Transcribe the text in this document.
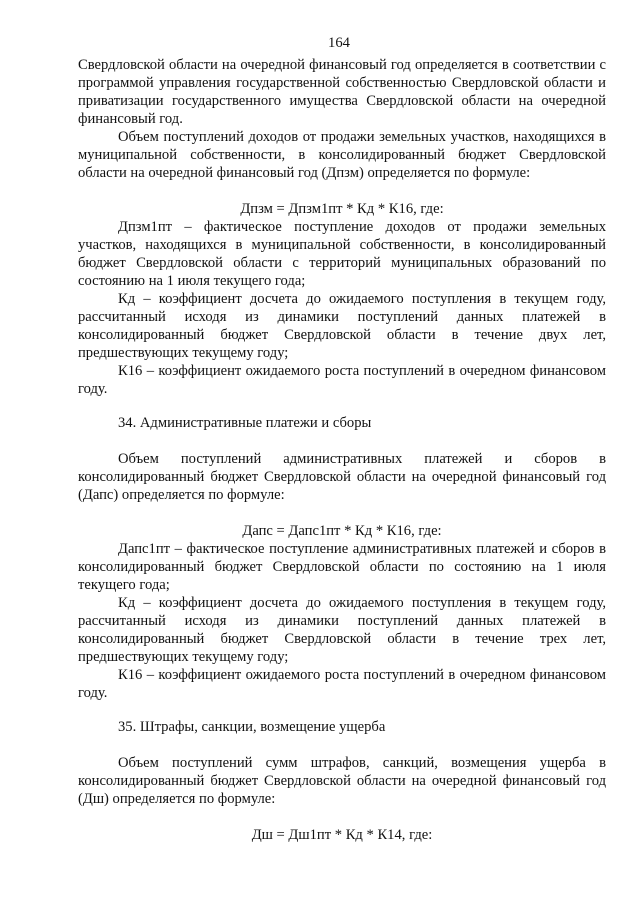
164

Свердловской области на очередной финансовый год определяется в соответствии с программой управления государственной собственностью Свердловской области и приватизации государственного имущества Свердловской области на очередной финансовый год.

Объем поступлений доходов от продажи земельных участков, находящихся в муниципальной собственности, в консолидированный бюджет Свердловской области на очередной финансовый год (Дпзм) определяется по формуле:

Дпзм = Дпзм1пт * Кд * К16, где:

Дпзм1пт – фактическое поступление доходов от продажи земельных участков, находящихся в муниципальной собственности, в консолидированный бюджет Свердловской области с территорий муниципальных образований по состоянию на 1 июля текущего года;

Кд – коэффициент досчета до ожидаемого поступления в текущем году, рассчитанный исходя из динамики поступлений данных платежей в консолидированный бюджет Свердловской области в течение двух лет, предшествующих текущему году;

К16 – коэффициент ожидаемого роста поступлений в очередном финансовом году.

34. Административные платежи и сборы

Объем поступлений административных платежей и сборов в консолидированный бюджет Свердловской области на очередной финансовый год (Дапс) определяется по формуле:

Дапс = Дапс1пт * Кд * К16, где:

Дапс1пт – фактическое поступление административных платежей и сборов в консолидированный бюджет Свердловской области по состоянию на 1 июля текущего года;

Кд – коэффициент досчета до ожидаемого поступления в текущем году, рассчитанный исходя из динамики поступлений данных платежей в консолидированный бюджет Свердловской области в течение трех лет, предшествующих текущему году;

К16 – коэффициент ожидаемого роста поступлений в очередном финансовом году.

35. Штрафы, санкции, возмещение ущерба

Объем поступлений сумм штрафов, санкций, возмещения ущерба в консолидированный бюджет Свердловской области на очередной финансовый год (Дш) определяется по формуле:

Дш = Дш1пт * Кд * К14, где:
